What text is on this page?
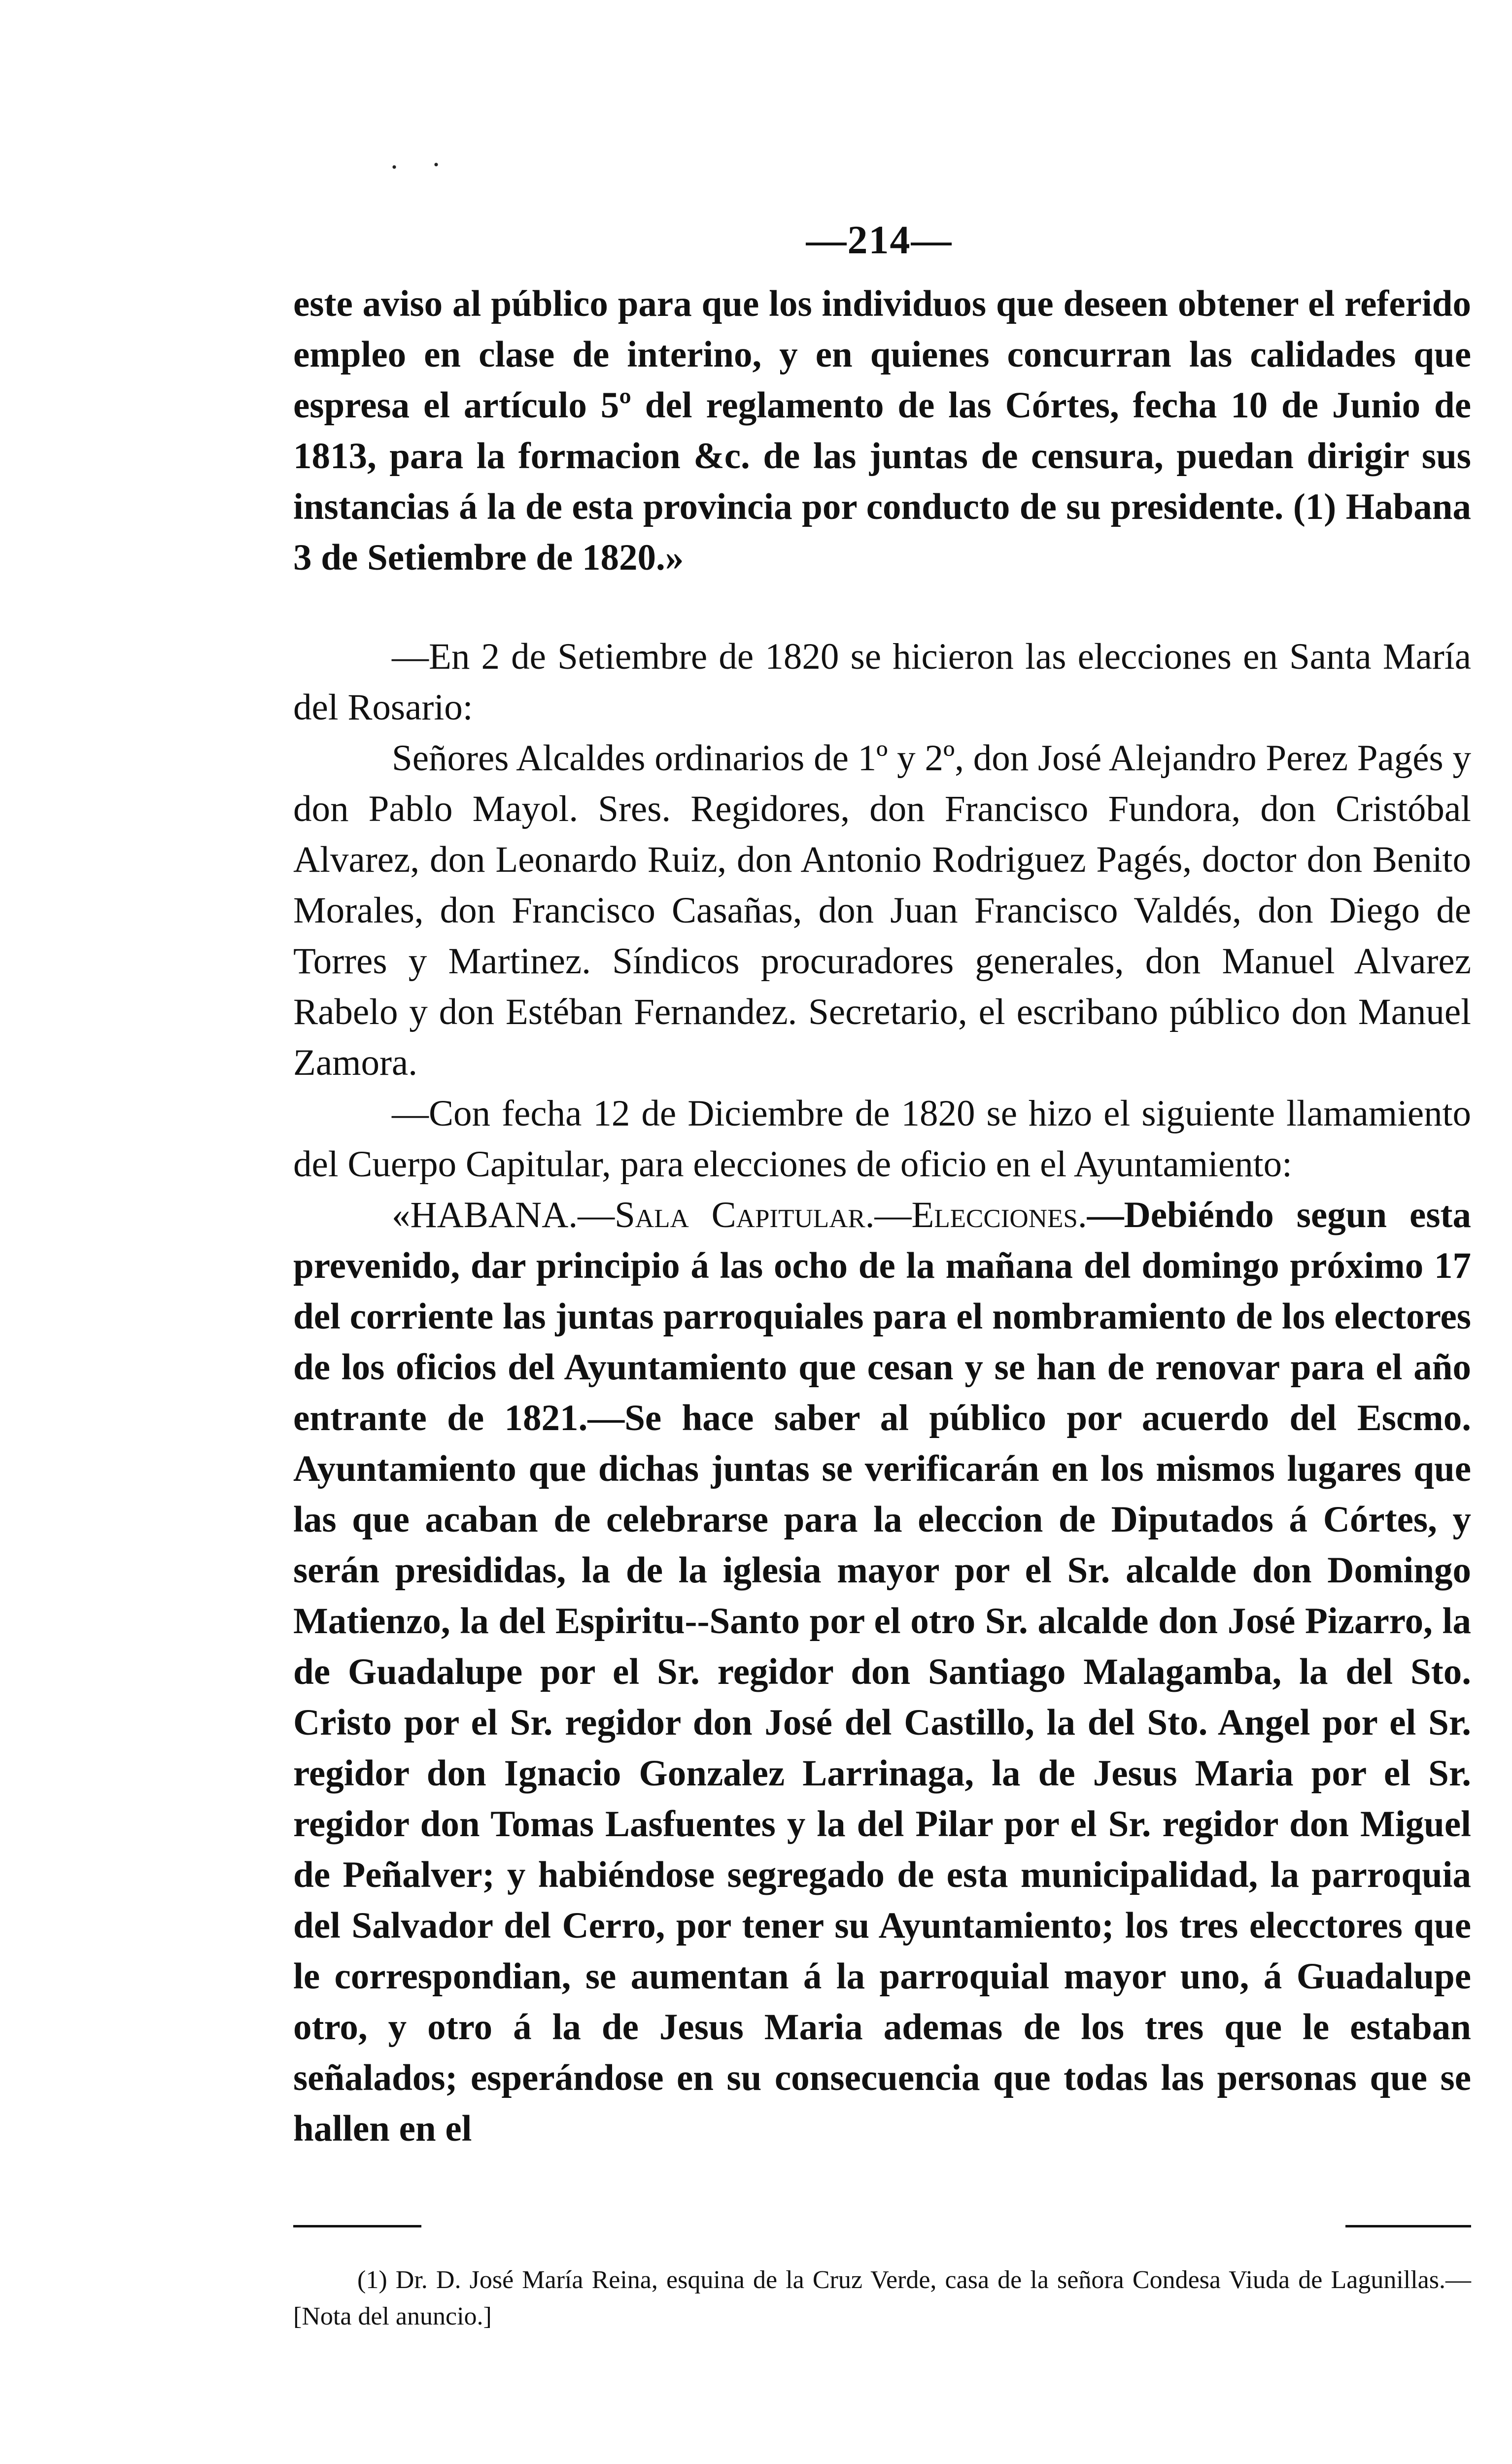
—214—

este aviso al público para que los individuos que deseen obtener el referido empleo en clase de interino, y en quienes concurran las calidades que espresa el artículo 5º del reglamento de las Córtes, fecha 10 de Junio de 1813, para la formacion &c. de las juntas de censura, puedan dirigir sus instancias á la de esta provincia por conducto de su presidente. (1) Habana 3 de Setiembre de 1820.»

—En 2 de Setiembre de 1820 se hicieron las elecciones en Santa María del Rosario:

Señores Alcaldes ordinarios de 1º y 2º, don José Alejandro Perez Pagés y don Pablo Mayol. Sres. Regidores, don Francisco Fundora, don Cristóbal Alvarez, don Leonardo Ruiz, don Antonio Rodriguez Pagés, doctor don Benito Morales, don Francisco Casañas, don Juan Francisco Valdés, don Diego de Torres y Martinez. Síndicos procuradores generales, don Manuel Alvarez Rabelo y don Estéban Fernandez. Secretario, el escribano público don Manuel Zamora.

—Con fecha 12 de Diciembre de 1820 se hizo el siguiente llamamiento del Cuerpo Capitular, para elecciones de oficio en el Ayuntamiento:

«HABANA.—Sala Capitular.—Elecciones.—Debiéndo segun esta prevenido, dar principio á las ocho de la mañana del domingo próximo 17 del corriente las juntas parroquiales para el nombramiento de los electores de los oficios del Ayuntamiento que cesan y se han de renovar para el año entrante de 1821.—Se hace saber al público por acuerdo del Escmo. Ayuntamiento que dichas juntas se verificarán en los mismos lugares que las que acaban de celebrarse para la eleccion de Diputados á Córtes, y serán presididas, la de la iglesia mayor por el Sr. alcalde don Domingo Matienzo, la del Espiritu--Santo por el otro Sr. alcalde don José Pizarro, la de Guadalupe por el Sr. regidor don Santiago Malagamba, la del Sto. Cristo por el Sr. regidor don José del Castillo, la del Sto. Angel por el Sr. regidor don Ignacio Gonzalez Larrinaga, la de Jesus Maria por el Sr. regidor don Tomas Lasfuentes y la del Pilar por el Sr. regidor don Miguel de Peñalver; y habiéndose segregado de esta municipalidad, la parroquia del Salvador del Cerro, por tener su Ayuntamiento; los tres elecctores que le correspondian, se aumentan á la parroquial mayor uno, á Guadalupe otro, y otro á la de Jesus Maria ademas de los tres que le estaban señalados; esperándose en su consecuencia que todas las personas que se hallen en el

(1) Dr. D. José María Reina, esquina de la Cruz Verde, casa de la señora Condesa Viuda de Lagunillas.—[Nota del anuncio.]

· ·
